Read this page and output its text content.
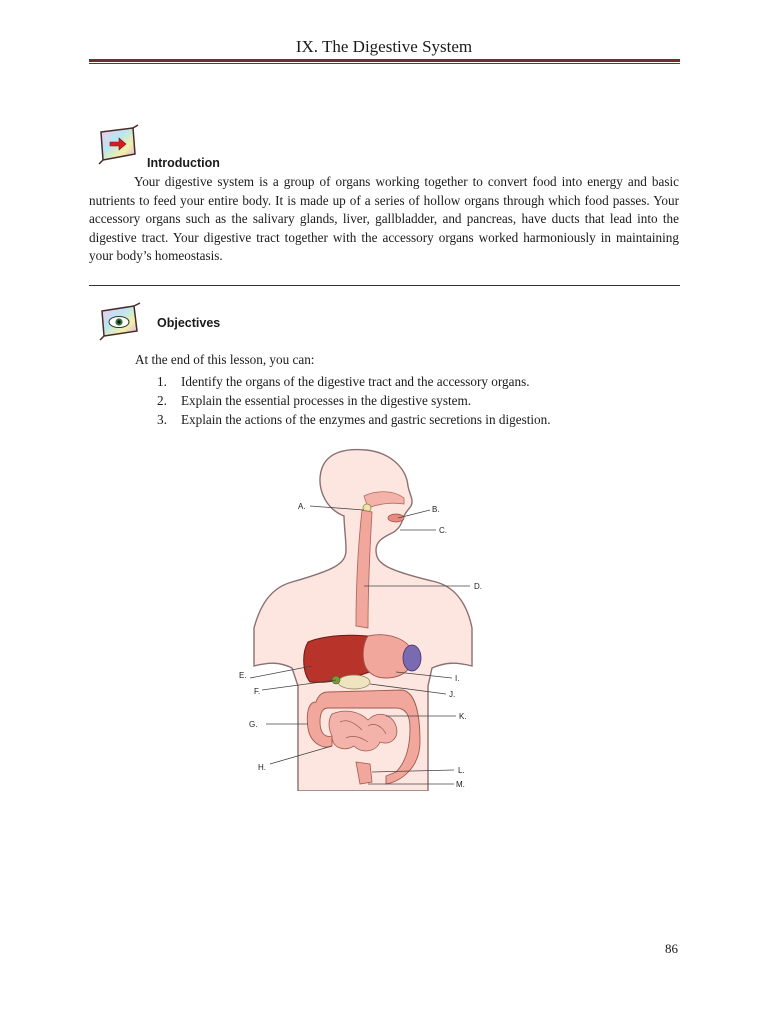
IX. The Digestive System
Introduction

Your digestive system is a group of organs working together to convert food into energy and basic nutrients to feed your entire body. It is made up of a series of hollow organs through which food passes. Your accessory organs such as the salivary glands, liver, gallbladder, and pancreas, have ducts that lead into the digestive tract. Your digestive tract together with the accessory organs worked harmoniously in maintaining your body’s homeostasis.

Objectives
At the end of this lesson, you can:
1. Identify the organs of the digestive tract and the accessory organs.
2. Explain the essential processes in the digestive system.
3. Explain the actions of the enzymes and gastric secretions in digestion.
A.	B.
C.
D.
E.
F.
G.
H.
I.
J.
K.
L.
M.
86
